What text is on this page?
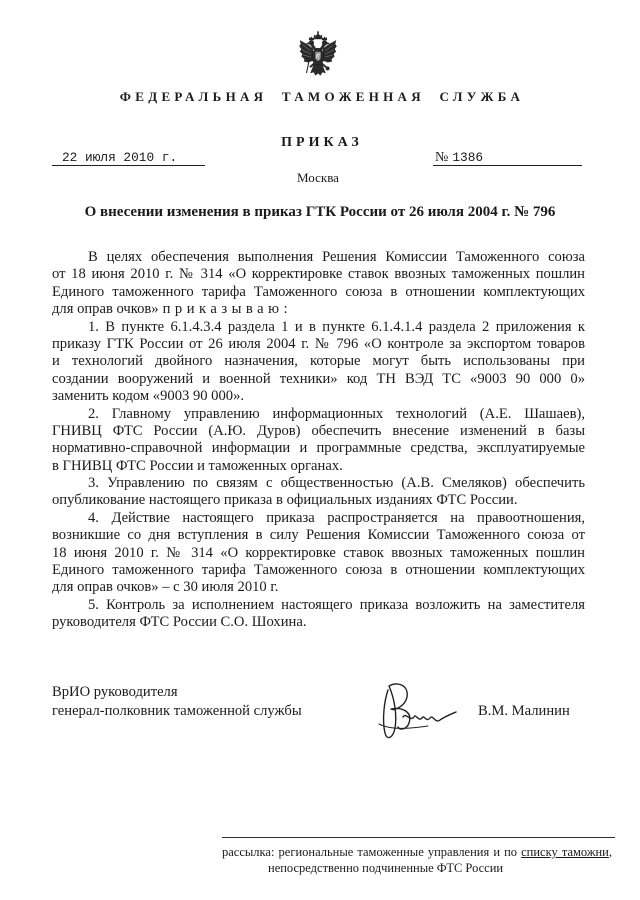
ФЕДЕРАЛЬНАЯ ТАМОЖЕННАЯ СЛУЖБА
ПРИКАЗ
22 июля 2010 г.	№ 1386
Москва
О внесении изменения в приказ ГТК России от 26 июля 2004 г. № 796
В целях обеспечения выполнения Решения Комиссии Таможенного союза
от 18 июня 2010 г. № 314 «О корректировке ставок ввозных таможенных пошлин
Единого таможенного тарифа Таможенного союза в отношении комплектующих
для оправ очков» приказываю:
1. В пункте 6.1.4.3.4 раздела 1 и в пункте 6.1.4.1.4 раздела 2 приложения к
приказу ГТК России от 26 июля 2004 г. № 796 «О контроле за экспортом товаров
и технологий двойного назначения, которые могут быть использованы при
создании вооружений и военной техники» код ТН ВЭД ТС «9003 90 000 0»
заменить кодом «9003 90 000».
2. Главному управлению информационных технологий (А.Е. Шашаев),
ГНИВЦ ФТС России (А.Ю. Дуров) обеспечить внесение изменений в базы
нормативно-справочной информации и программные средства, эксплуатируемые
в ГНИВЦ ФТС России и таможенных органах.
3. Управлению по связям с общественностью (А.В. Смеляков) обеспечить
опубликование настоящего приказа в официальных изданиях ФТС России.
4. Действие настоящего приказа распространяется на правоотношения,
возникшие со дня вступления в силу Решения Комиссии Таможенного союза от
18 июня 2010 г. № 314 «О корректировке ставок ввозных таможенных пошлин
Единого таможенного тарифа Таможенного союза в отношении комплектующих
для оправ очков» – с 30 июля 2010 г.
5. Контроль за исполнением настоящего приказа возложить на заместителя
руководителя ФТС России С.О. Шохина.
ВрИО руководителя
генерал-полковник таможенной службы	В.М. Малинин
рассылка: региональные таможенные управления и по списку таможни,
непосредственно подчиненные ФТС России
